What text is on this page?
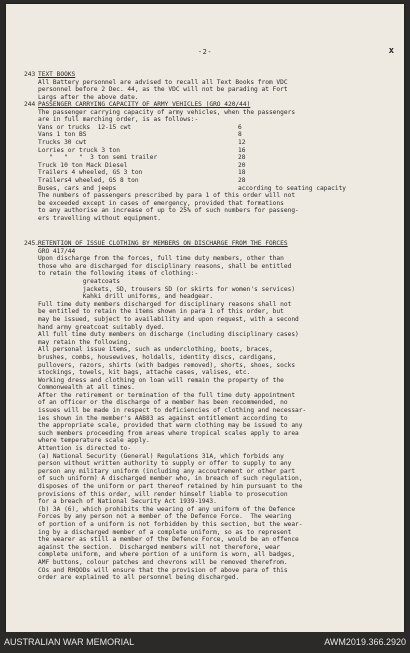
-2-	x
243 TEXT BOOKS
All Battery personnel are advised to recall all Text Books from VDC
personnel before 2 Dec. 44, as the VDC will not be parading at Fort
Largs after the above date.
244 PASSENGER CARRYING CAPACITY OF ARMY VEHICLES (GRO 420/44)
The passenger carrying capacity of army vehicles, when the passengers
are in full marching order, is as follows:-
Vans or trucks  12-15 cwt	6
Vans 1 ton BS	8
Trucks 30 cwt	12
Lorries or truck 3 ton	16
"   "   "  3 ton semi trailer	28
Truck 10 ton Mack Diesel	20
Trailers 4 wheeled, GS 3 ton	18
Trailers4 wheeled, GS 8 ton	28
Buses, cars and jeeps	according to seating capacity
The numbers of passengers prescribed by para 1 of this order will not
be exceeded except in cases of emergency, provided that formations
to any authorise an increase of up to 25% of such numbers for passeng-
ers travelling without equipment.
245. RETENTION OF ISSUE CLOTHING BY MEMBERS ON DISCHARGE FROM THE FORCES
GRO 417/44
Upon discharge from the forces, full time duty members, other than
those who are discharged for disciplinary reasons, shall be entitled
to retain the following items of clothing:-
greatcoats
jackets, SD, trousers SD (or skirts for women's services)
Kahki drill uniforms, and headgear.
Full time duty members discharged for disciplinary reasons shall not
be entitled to retain the items shown in para 1 of this order, but
may be issued, subject to availability and upon request, with a second
hand army greatcoat suitably dyed.
All full time duty members on discharge (including disciplinary cases)
may retain the following.
All personal issue items, such as underclothing, boots, braces,
brushes, combs, housewives, holdalls, identity discs, cardigans,
pullovers, razors, shirts (with badges removed), shorts, shoes, socks
stockings, towels, kit bags, attache cases, valises, etc.
Working dress and clothing on loan will remain the property of the
Commonwealth at all times.
After the retirement or termination of the full time duty appointment
of an officer or the discharge of a member has been recommended, no
issues will be made in respect to deficiencies of clothing and necessar-
ies shown in the member's AAB83 as against entitlement according to
the appropriate scale, provided that warm clothing may be issued to any
such members proceeding from areas where tropical scales apply to area
where temperature scale apply.
Attention is directed to-
(a) National Security (General) Regulations 31A, which forbids any
person without written authority to supply or offer to supply to any
person any military uniform (including any accoutrement or other part
of such uniform) A discharged member who, in breach of such regulation,
disposes of the uniform or part thereof retained by him pursuant to the
provisions of this order, will render himself liable to prosecution
for a breach of National Security Act 1939-1943.
(b) 3A (6), which prohibits the wearing of any uniform of the Defence
Forces by any person not a member of the Defence Force.  The wearing
of portion of a uniform is not forbidden by this section, but the wear-
ing by a discharged member of a complete uniform, so as to represent
the wearer as still a member of the Defence Force, would be an offence
against the section.  Discharged members will not therefore, wear
complete uniform, and where portion of a uniform is worn, all badges,
AMF buttons, colour patches and chevrons will be removed therefrom.
COs and RHQODs will ensure that the provision of above para of this
order are explained to all personnel being discharged.
AUSTRALIAN WAR MEMORIAL	AWM2019.366.2920
